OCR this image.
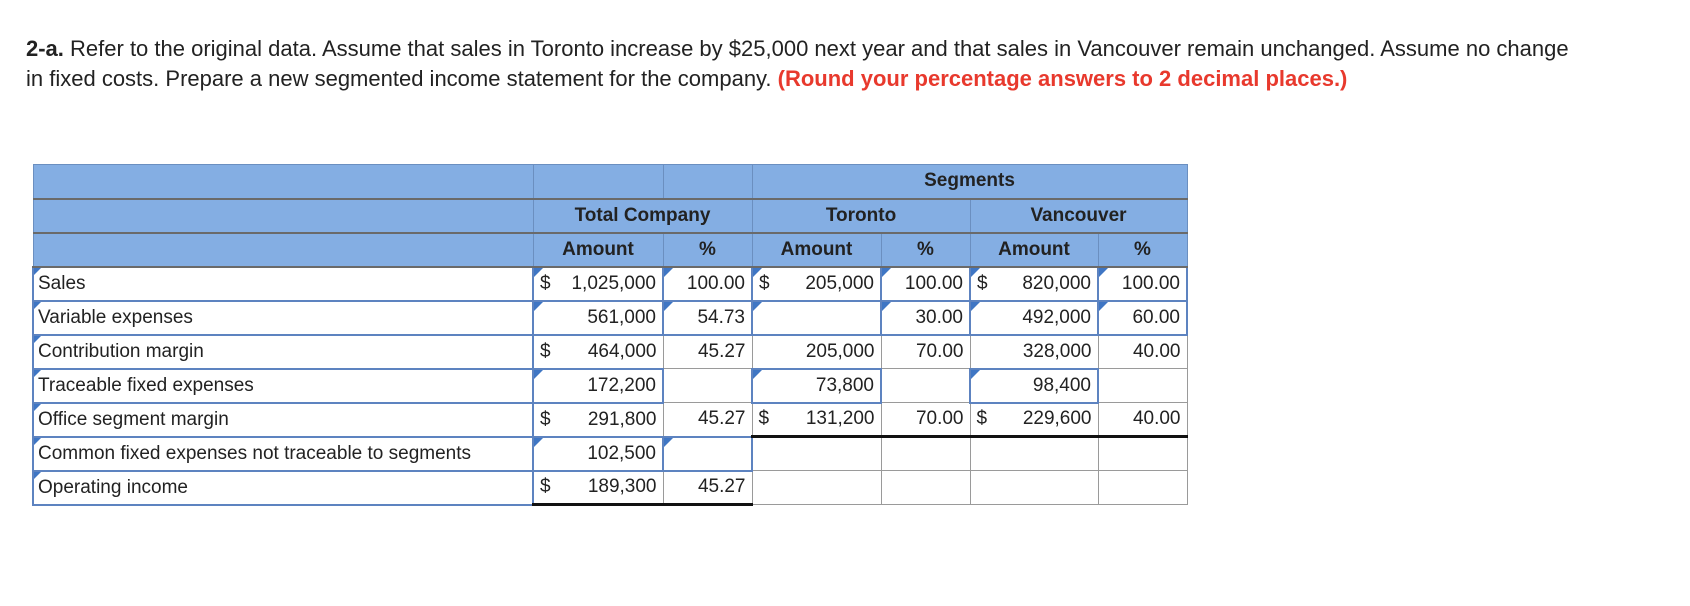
2-a. Refer to the original data. Assume that sales in Toronto increase by $25,000 next year and that sales in Vancouver remain unchanged. Assume no change in fixed costs. Prepare a new segmented income statement for the company. (Round your percentage answers to 2 decimal places.)
			Segments			
	Total Company		Toronto		Vancouver	
	Amount	%	Amount	%	Amount	%
Sales	$ 1,025,000	100.00	$ 205,000	100.00	$ 820,000	100.00
Variable expenses	561,000	54.73		30.00	492,000	60.00
Contribution margin	$ 464,000	45.27	205,000	70.00	328,000	40.00
Traceable fixed expenses	172,200		73,800		98,400	

Office segment margin	$ 291,800	45.27	$ 131,200	70.00	$ 229,600	40.00
Common fixed expenses not traceable to segments	102,500					

Operating income	$ 189,300	45.27				
